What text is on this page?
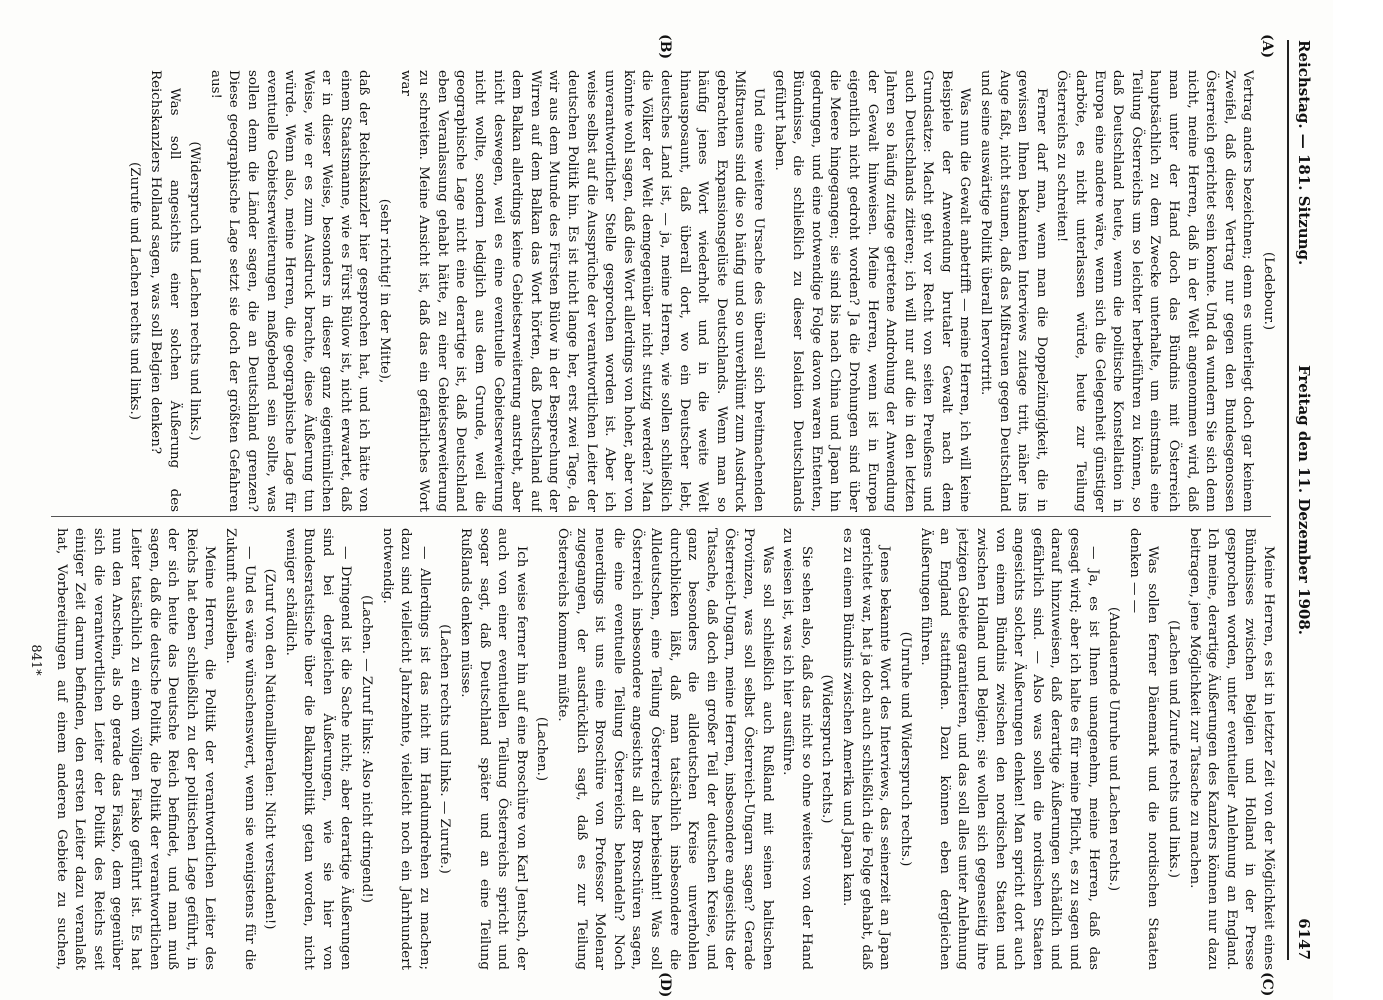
Reichstag. — 181. Sitzung.
Freitag den 11. Dezember 1908.
6147
(A)
(B)
(C)
(D)

(Ledebour.)

Vertrag anders bezeichnen; denn es unterliegt doch gar keinem Zweifel, daß dieser Vertrag nur gegen den Bundesgenossen Österreich gerichtet sein konnte. Und da wundern Sie sich denn nicht, meine Herren, daß in der Welt angenommen wird, daß man unter der Hand doch das Bündnis mit Österreich hauptsächlich zu dem Zwecke unterhalte, um einstmals eine Teilung Österreichs um so leichter herbeiführen zu können, so daß Deutschland heute, wenn die politische Konstellation in Europa eine andere wäre, wenn sich die Gelegenheit günstiger darböte, es nicht unterlassen würde, heute zur Teilung Österreichs zu schreiten!

Ferner darf man, wenn man die Doppelzüngigkeit, die in gewissen Ihnen bekannten Interviews zutage tritt, näher ins Auge faßt, nicht staunen, daß das Mißtrauen gegen Deutschland und seine auswärtige Politik überall hervortritt.

Was nun die Gewalt anbetrifft — meine Herren, ich will keine Beispiele der Anwendung brutaler Gewalt nach dem Grundsatze: Macht geht vor Recht von seiten Preußens und auch Deutschlands zitieren; ich will nur auf die in den letzten Jahren so häufig zutage getretene Androhung der Anwendung der Gewalt hinweisen. Meine Herren, wenn ist in Europa eigentlich nicht gedroht worden? Ja die Drohungen sind über die Meere hingegangen; sie sind bis nach China und Japan hin gedrungen, und eine notwendige Folge davon waren Ententen, Bündnisse, die schließlich zu dieser Isolation Deutschlands geführt haben.

Und eine weitere Ursache des überall sich breitmachenden Mißtrauens sind die so häufig und so unverblümt zum Ausdruck gebrachten Expansionsgelüste Deutschlands. Wenn man so häufig jenes Wort wiederholt und in die weite Welt hinausposaunt, daß überall dort, wo ein Deutscher lebt, deutsches Land ist, — ja, meine Herren, wie sollen schließlich die Völker der Welt demgegenüber nicht stutzig werden? Man könnte wohl sagen, daß dies Wort allerdings von hoher, aber von unverantwortlicher Stelle gesprochen worden ist. Aber ich weise selbst auf die Aussprüche der verantwortlichen Leiter der deutschen Politik hin. Es ist nicht lange her, erst zwei Tage, da wir aus dem Munde des Fürsten Bülow in der Besprechung der Wirren auf dem Balkan das Wort hörten, daß Deutschland auf dem Balkan allerdings keine Gebietserweiterung anstrebt, aber nicht deswegen, weil es eine eventuelle Gebietserweiterung nicht wollte, sondern lediglich aus dem Grunde, weil die geographische Lage nicht eine derartige ist, daß Deutschland eben Veranlassung gehabt hätte, zu einer Gebietserweiterung zu schreiten. Meine Ansicht ist, daß das ein gefährliches Wort war

(sehr richtig! in der Mitte),

daß der Reichskanzler hier gesprochen hat, und ich hätte von einem Staatsmanne, wie es Fürst Bülow ist, nicht erwartet, daß er in dieser Weise, besonders in dieser ganz eigentümlichen Weise, wie er es zum Ausdruck brachte, diese Äußerung tun würde. Wenn also, meine Herren, die geographische Lage für eventuelle Gebietserweiterungen maßgebend sein sollte, was sollen denn die Länder sagen, die an Deutschland grenzen? Diese geographische Lage setzt sie doch der größten Gefahren aus!

(Widerspruch und Lachen rechts und links.)

Was soll angesichts einer solchen Äußerung des Reichskanzlers Holland sagen, was soll Belgien denken?

(Zurufe und Lachen rechts und links.)

Meine Herren, es ist in letzter Zeit von der Möglichkeit eines Bündnisses zwischen Belgien und Holland in der Presse gesprochen worden, unter eventueller Anlehnung an England. Ich meine, derartige Äußerungen des Kanzlers können nur dazu beitragen, jene Möglichkeit zur Tatsache zu machen.

(Lachen und Zurufe rechts und links.)

Was sollen ferner Dänemark und die nordischen Staaten denken — —

(Andauernde Unruhe und Lachen rechts.)

— Ja, es ist Ihnen unangenehm, meine Herren, daß das gesagt wird; aber ich halte es für meine Pflicht, es zu sagen und darauf hinzuweisen, daß derartige Äußerungen schädlich und gefährlich sind. — Also was sollen die nordischen Staaten angesichts solcher Äußerungen denken! Man spricht dort auch von einem Bündnis zwischen den nordischen Staaten und zwischen Holland und Belgien; sie wollen sich gegenseitig ihre jetzigen Gebiete garantieren, und das soll alles unter Anlehnung an England stattfinden. Dazu können eben dergleichen Äußerungen führen.

(Unruhe und Widerspruch rechts.)

Jenes bekannte Wort des Interviews, das seinerzeit an Japan gerichtet war, hat ja doch auch schließlich die Folge gehabt, daß es zu einem Bündnis zwischen Amerika und Japan kam.

(Widerspruch rechts.)

Sie sehen also, daß das nicht so ohne weiteres von der Hand zu weisen ist, was ich hier ausführe.

Was soll schließlich auch Rußland mit seinen baltischen Provinzen, was soll selbst Österreich-Ungarn sagen? Gerade Österreich-Ungarn, meine Herren, insbesondere angesichts der Tatsache, daß doch ein großer Teil der deutschen Kreise, und ganz besonders die alldeutschen Kreise unverhohlen durchblicken läßt, daß man tatsächlich insbesondere die Alldeutschen, eine Teilung Österreichs herbeisehnt! Was soll Österreich insbesondere angesichts all der Broschüren sagen, die eine eventuelle Teilung Österreichs behandeln? Noch neuerdings ist uns eine Broschüre von Professor Molenar zugegangen, der ausdrücklich sagt, daß es zur Teilung Österreichs kommen müßte.

(Lachen.)

Ich weise ferner hin auf eine Broschüre von Karl Jentsch, der auch von einer eventuellen Teilung Österreichs spricht und sogar sagt, daß Deutschland später und an eine Teilung Rußlands denken müsse.

(Lachen rechts und links. — Zurufe.)

— Allerdings ist das nicht im Handumdrehen zu machen; dazu sind vielleicht Jahrzehnte, vielleicht noch ein Jahrhundert notwendig.

(Lachen. — Zuruf links: Also nicht dringend!)

— Dringend ist die Sache nicht; aber derartige Äußerungen sind bei dergleichen Äußerungen, wie sie hier von Bundesratstische über die Balkanpolitik getan worden, nicht weniger schädlich.

(Zuruf von den Nationalliberalen: Nicht verstanden!)

— Und es wäre wünschenswert, wenn sie wenigstens für die Zukunft ausbleiben.

Meine Herren, die Politik der verantwortlichen Leiter des Reichs hat eben schließlich zu der politischen Lage geführt, in der sich heute das Deutsche Reich befindet, und man muß sagen, daß die deutsche Politik, die Politik der verantwortlichen Leiter tatsächlich zu einem völligen Fiasko geführt ist. Es hat nun den Anschein, als ob gerade das Fiasko, dem gegenüber sich die verantwortlichen Leiter der Politik des Reichs seit einiger Zeit darum befinden, den ersten Leiter dazu veranlaßt hat, Vorbereitungen auf einem anderen Gebiete zu suchen,

841*
